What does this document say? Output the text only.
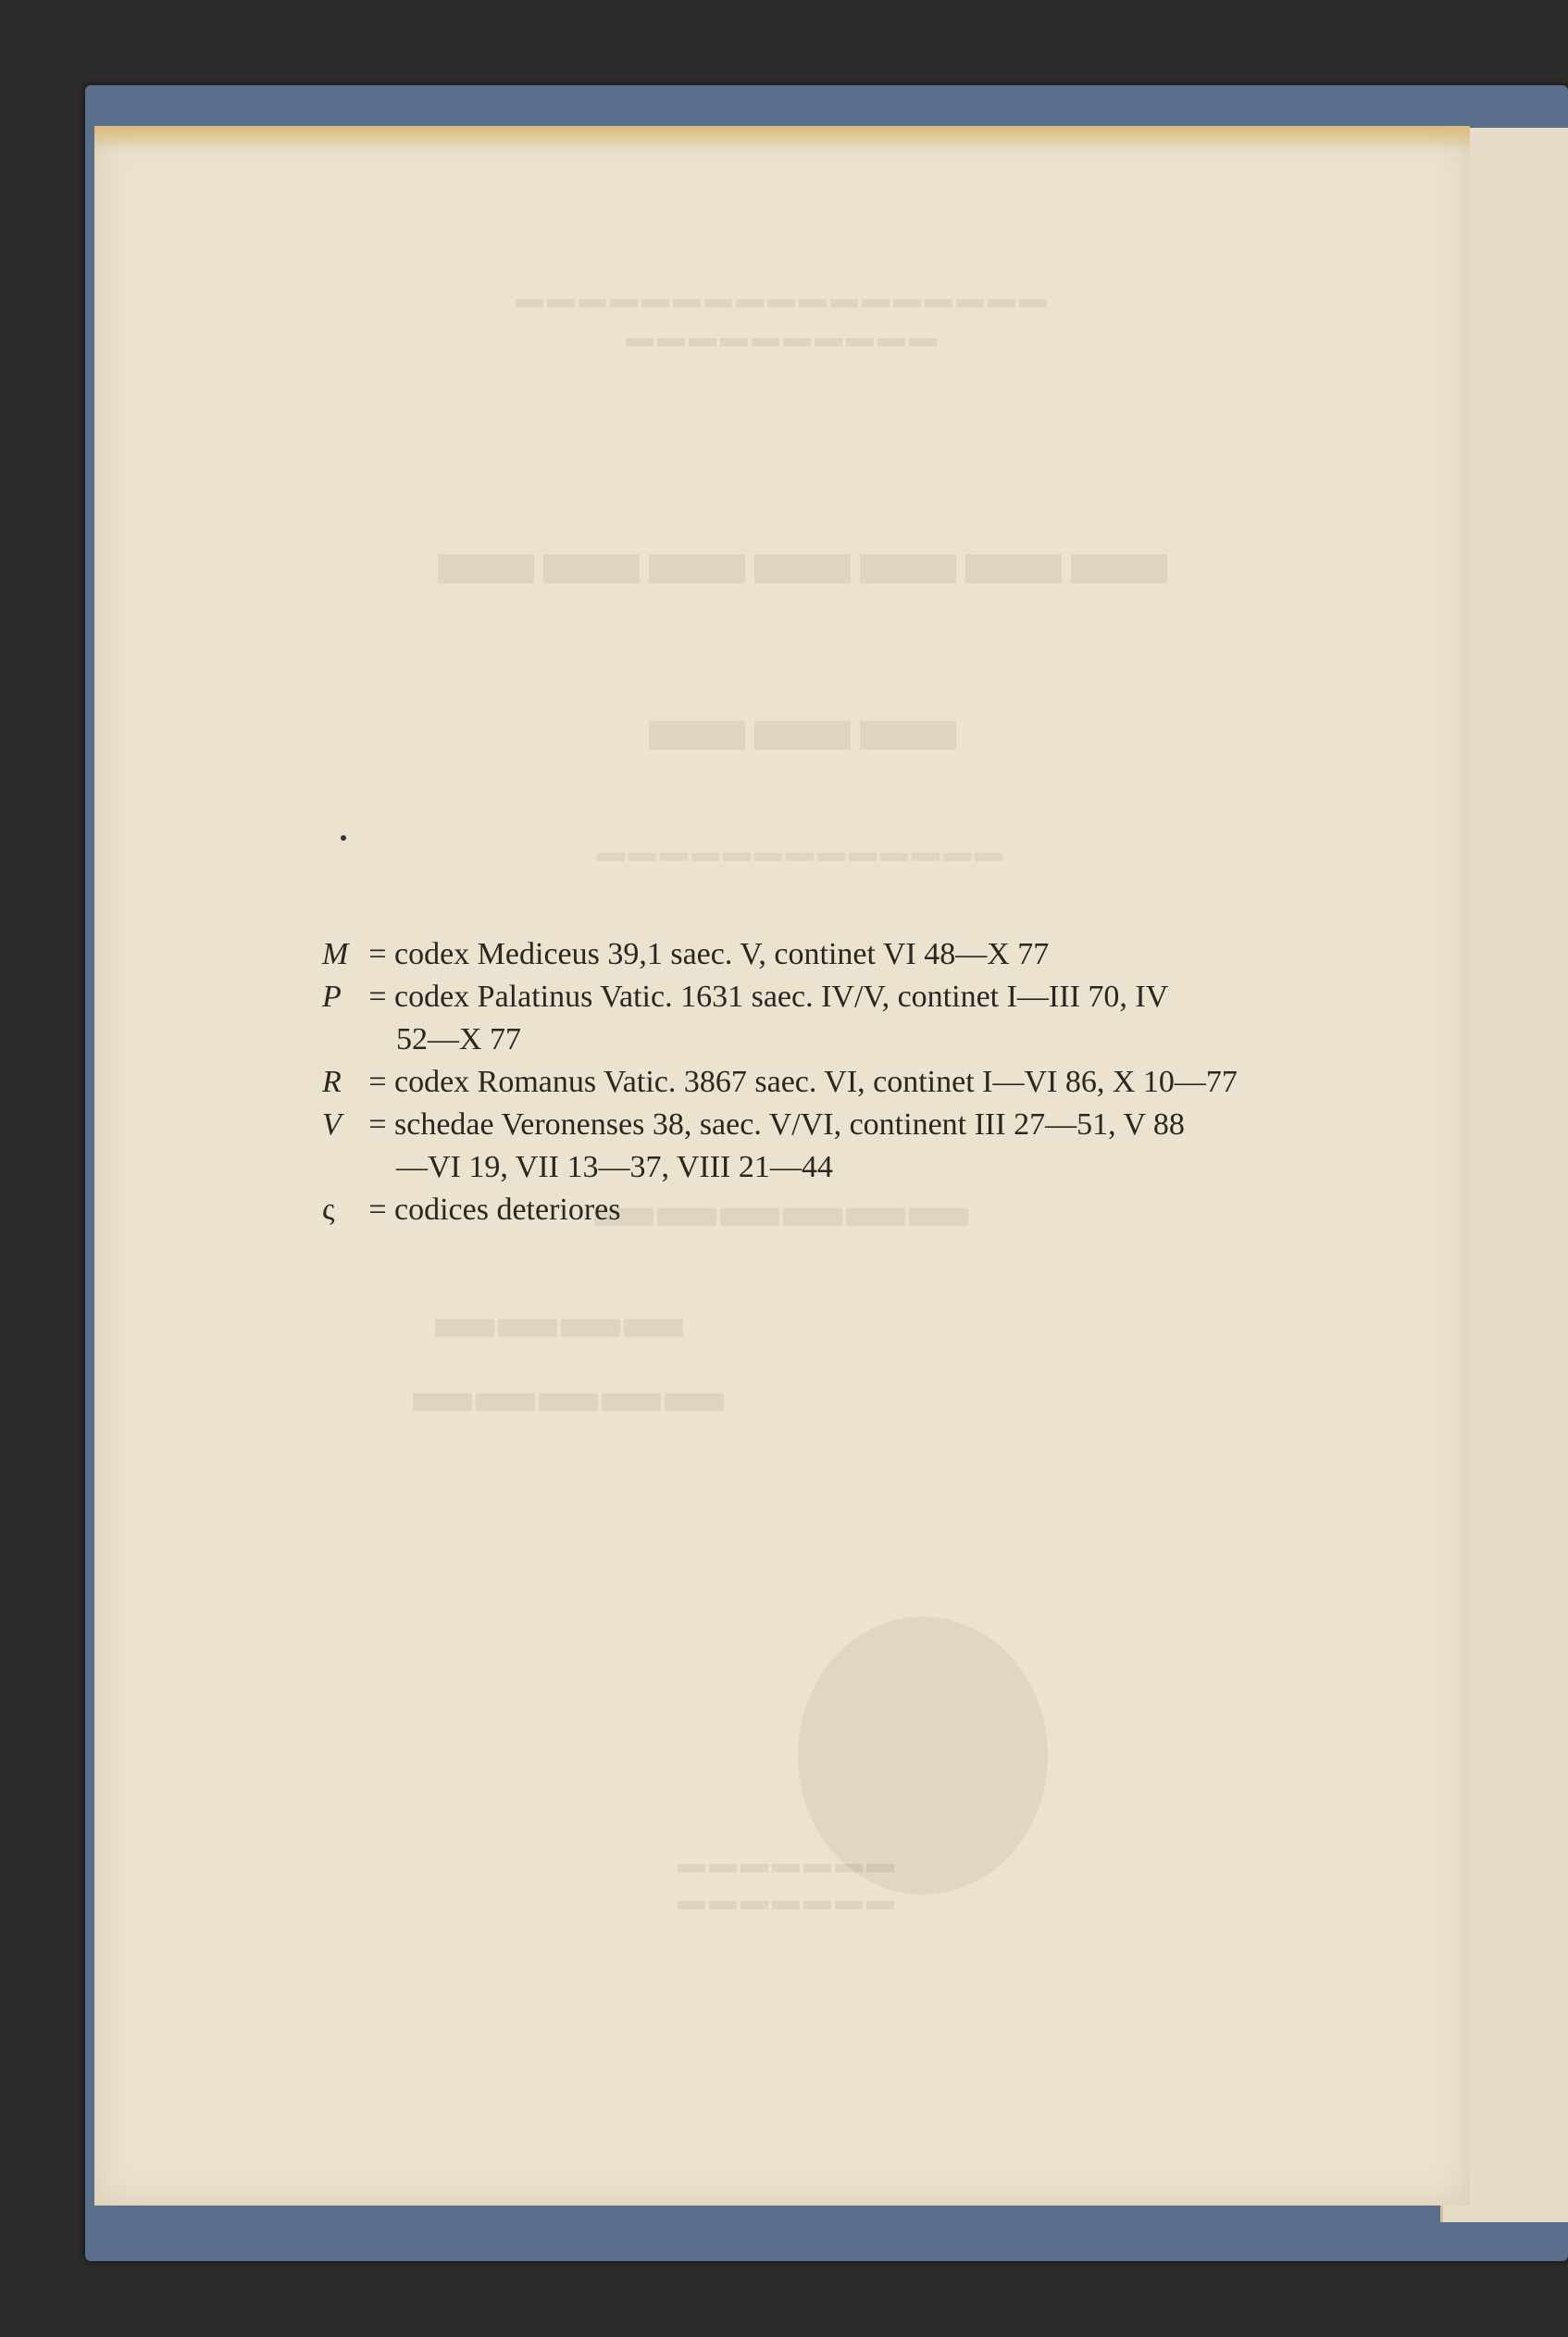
▬▬▬▬▬▬▬▬▬▬▬▬▬▬▬▬▬
▬▬▬▬▬▬▬▬▬▬
▬▬▬▬▬▬▬
▬▬▬
▬▬▬▬▬▬▬▬▬▬▬▬▬
▬▬▬▬▬▬
▬▬▬▬
▬▬▬▬▬
▬▬▬▬▬▬▬
▬▬▬▬▬▬▬
M = codex Mediceus 39,1 saec. V, continet VI 48—X 77
P = codex Palatinus Vatic. 1631 saec. IV/V, continet I—III 70, IV
52—X 77
R = codex Romanus Vatic. 3867 saec. VI, continet I—VI 86, X 10—77
V = schedae Veronenses 38, saec. V/VI, continent III 27—51, V 88
—VI 19, VII 13—37, VIII 21—44
ς	= codices deteriores
